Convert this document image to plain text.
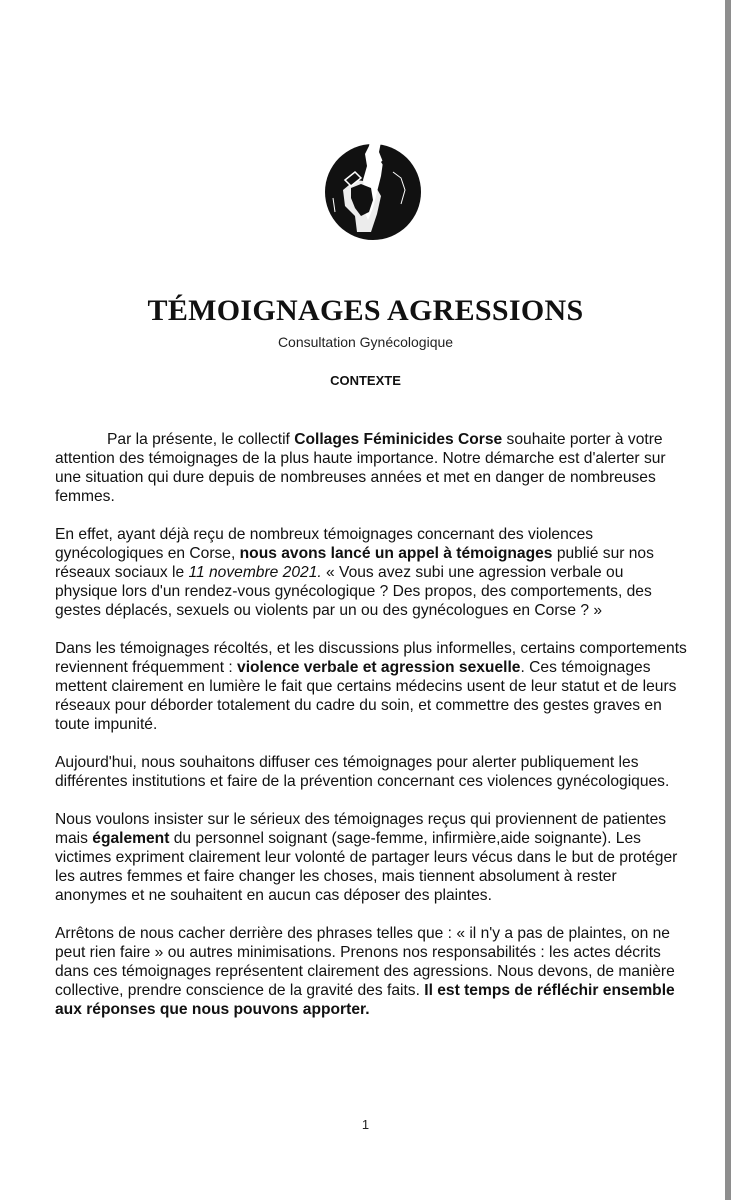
TÉMOIGNAGES AGRESSIONS
Consultation Gynécologique
CONTEXTE

Par la présente, le collectif Collages Féminicides Corse souhaite porter à votre attention des témoignages de la plus haute importance. Notre démarche est d'alerter sur une situation qui dure depuis de nombreuses années et met en danger de nombreuses femmes.

En effet, ayant déjà reçu de nombreux témoignages concernant des violences gynécologiques en Corse, nous avons lancé un appel à témoignages publié sur nos réseaux sociaux le 11 novembre 2021. « Vous avez subi une agression verbale ou physique lors d'un rendez-vous gynécologique ? Des propos, des comportements, des gestes déplacés, sexuels ou violents par un ou des gynécologues en Corse ? »

Dans les témoignages récoltés, et les discussions plus informelles, certains comportements reviennent fréquemment : violence verbale et agression sexuelle. Ces témoignages mettent clairement en lumière le fait que certains médecins usent de leur statut et de leurs réseaux pour déborder totalement du cadre du soin, et commettre des gestes graves en toute impunité.

Aujourd'hui, nous souhaitons diffuser ces témoignages pour alerter publiquement les différentes institutions et faire de la prévention concernant ces violences gynécologiques.

Nous voulons insister sur le sérieux des témoignages reçus qui proviennent de patientes mais également du personnel soignant (sage-femme, infirmière,aide soignante). Les victimes expriment clairement leur volonté de partager leurs vécus dans le but de protéger les autres femmes et faire changer les choses, mais tiennent absolument à rester anonymes et ne souhaitent en aucun cas déposer des plaintes.

Arrêtons de nous cacher derrière des phrases telles que : « il n'y a pas de plaintes, on ne peut rien faire » ou autres minimisations. Prenons nos responsabilités : les actes décrits dans ces témoignages représentent clairement des agressions. Nous devons, de manière collective, prendre conscience de la gravité des faits. Il est temps de réfléchir ensemble aux réponses que nous pouvons apporter.

1
